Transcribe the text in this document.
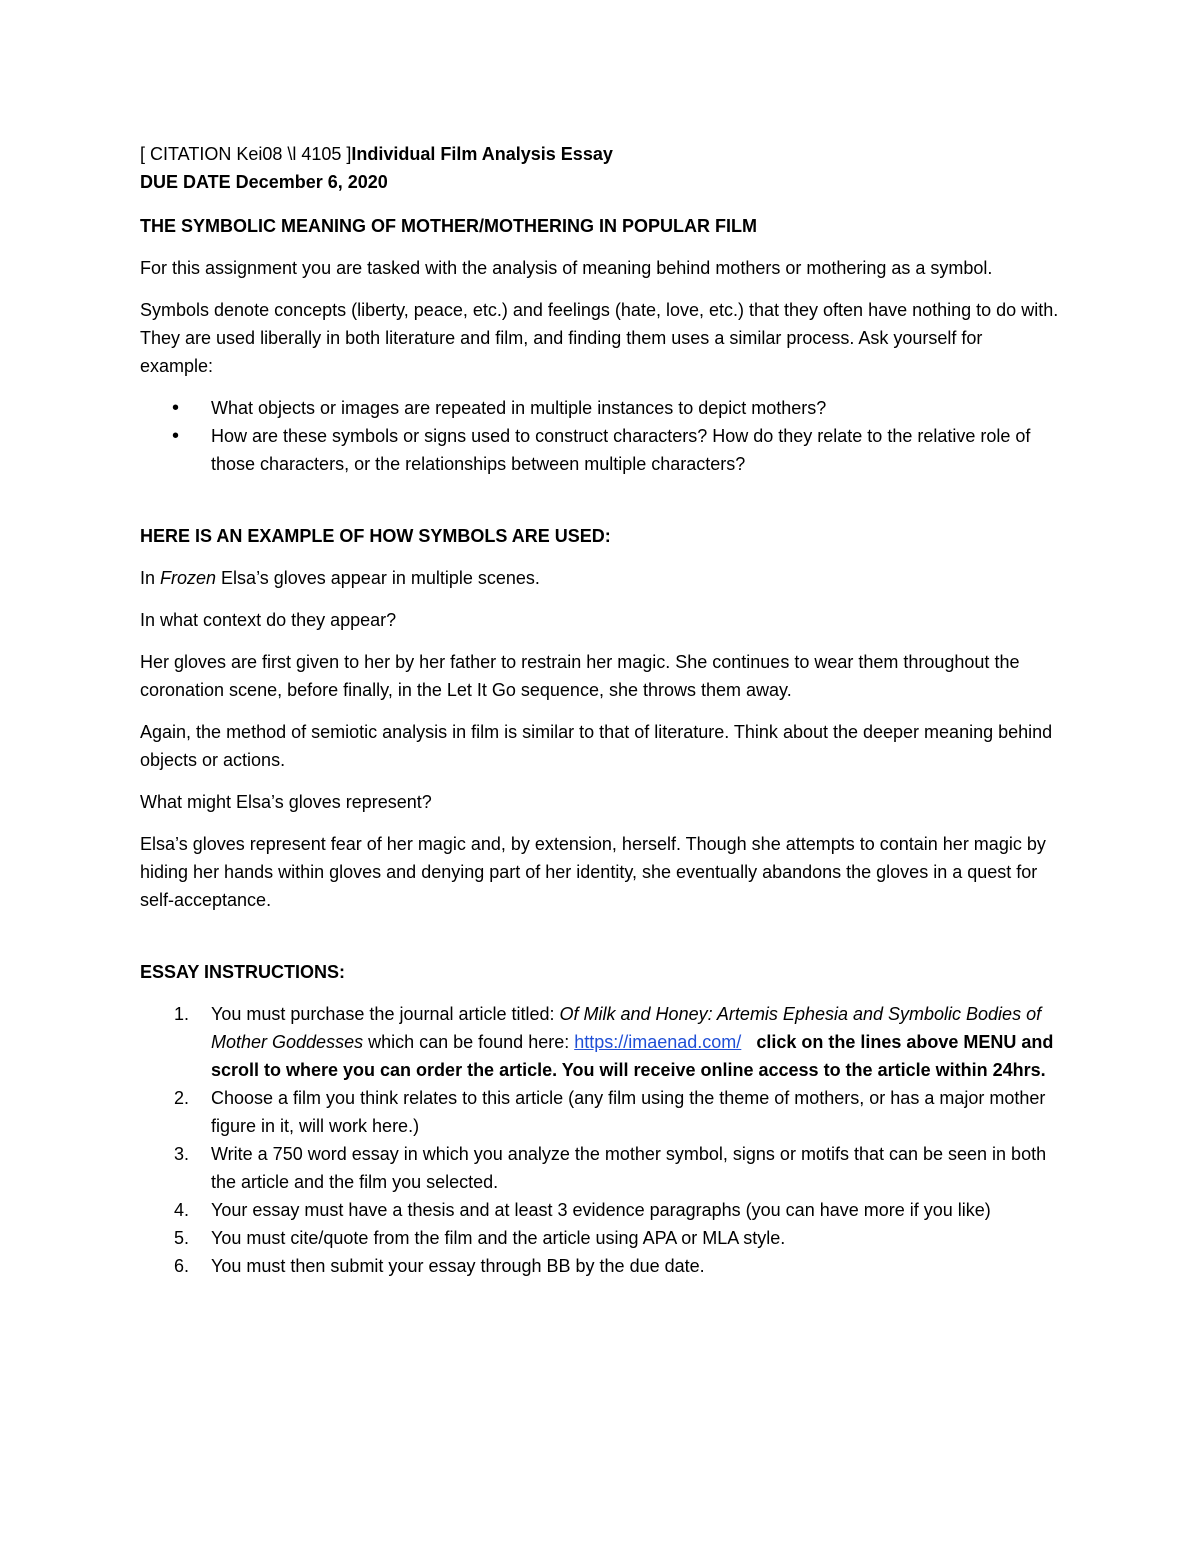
[ CITATION Kei08 \l 4105 ]Individual Film Analysis Essay

DUE DATE December 6, 2020

THE SYMBOLIC MEANING OF MOTHER/MOTHERING IN POPULAR FILM

For this assignment you are tasked with the analysis of meaning behind mothers or mothering as a symbol.

Symbols denote concepts (liberty, peace, etc.) and feelings (hate, love, etc.) that they often have nothing to do with. They are used liberally in both literature and film, and finding them uses a similar process. Ask yourself for example:

• What objects or images are repeated in multiple instances to depict mothers?
• How are these symbols or signs used to construct characters? How do they relate to the relative role of those characters, or the relationships between multiple characters?

HERE IS AN EXAMPLE OF HOW SYMBOLS ARE USED:

In Frozen Elsa’s gloves appear in multiple scenes.

In what context do they appear?

Her gloves are first given to her by her father to restrain her magic. She continues to wear them throughout the coronation scene, before finally, in the Let It Go sequence, she throws them away.

Again, the method of semiotic analysis in film is similar to that of literature. Think about the deeper meaning behind objects or actions.

What might Elsa’s gloves represent?

Elsa’s gloves represent fear of her magic and, by extension, herself. Though she attempts to contain her magic by hiding her hands within gloves and denying part of her identity, she eventually abandons the gloves in a quest for self-acceptance.

ESSAY INSTRUCTIONS:

1. You must purchase the journal article titled: Of Milk and Honey: Artemis Ephesia and Symbolic Bodies of Mother Goddesses which can be found here: https://imaenad.com/ click on the lines above MENU and scroll to where you can order the article. You will receive online access to the article within 24hrs.
2. Choose a film you think relates to this article (any film using the theme of mothers, or has a major mother figure in it, will work here.)
3. Write a 750 word essay in which you analyze the mother symbol, signs or motifs that can be seen in both the article and the film you selected.
4. Your essay must have a thesis and at least 3 evidence paragraphs (you can have more if you like)
5. You must cite/quote from the film and the article using APA or MLA style.
6. You must then submit your essay through BB by the due date.
